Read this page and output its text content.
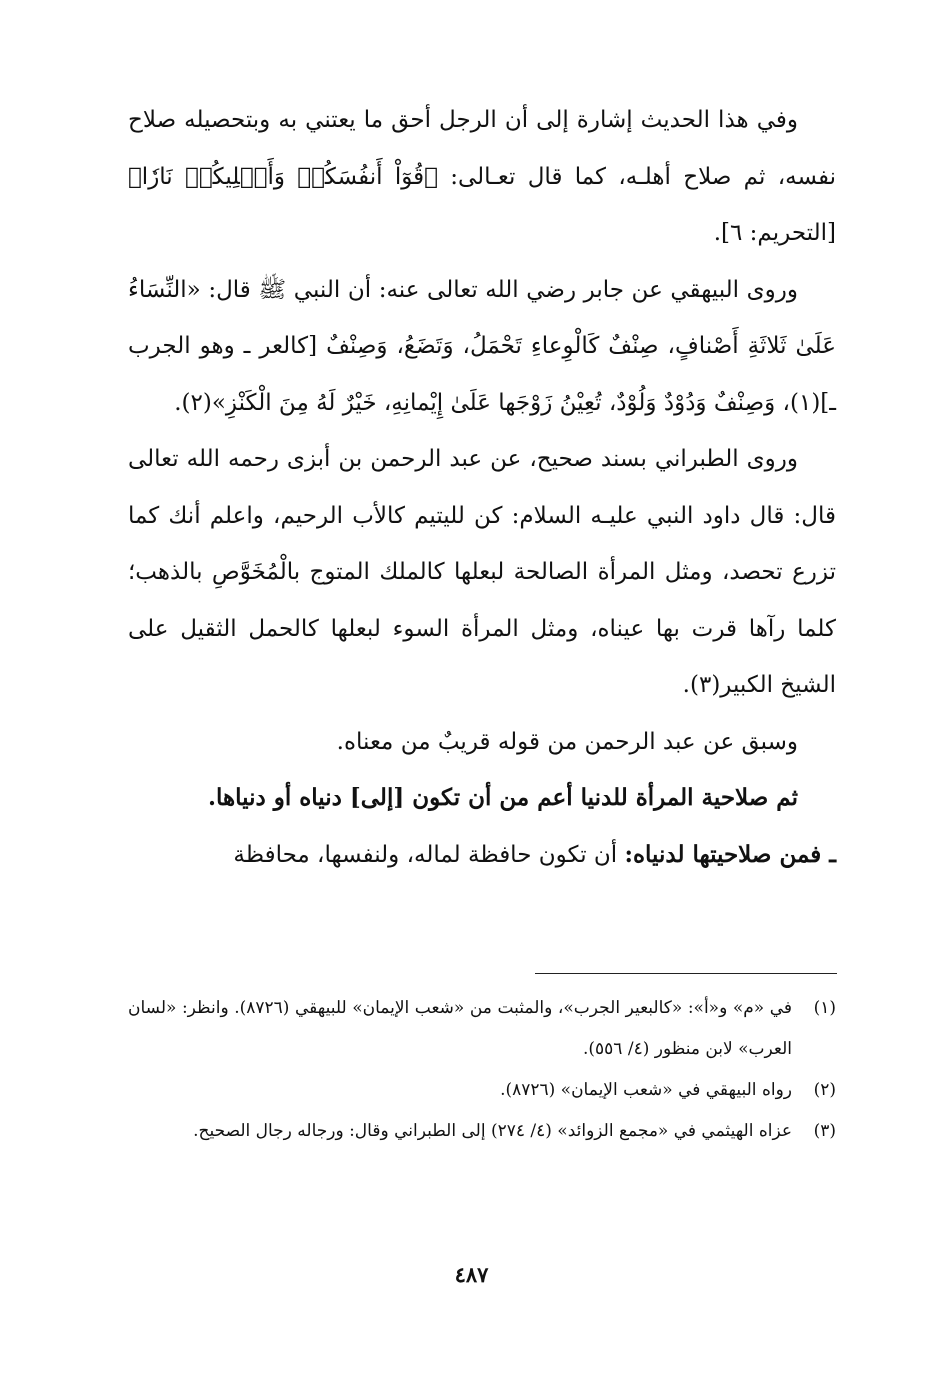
وفي هذا الحديث إشارة إلى أن الرجل أحق ما يعتني به وبتحصيله صلاح نفسه، ثم صلاح أهلـه، كما قال تعـالى: ﴿قُوٓاْ أَنفُسَكُمۡ وَأَهۡلِيكُمۡ نَارٗا﴾[التحريم: ٦].

وروى البيهقي عن جابر رضي الله تعالى عنه: أن النبي ﷺ قال: «النِّسَاءُ عَلَىٰ ثَلاثَةِ أَصْنافٍ، صِنْفٌ كَالْوِعاءِ تَحْمَلُ، وَتَضَعُ، وَصِنْفٌ [كالعر ـ وهو الجرب ـ](١)، وَصِنْفٌ وَدُوْدٌ وَلُوْدٌ، تُعِيْنُ زَوْجَها عَلَىٰ إِيْمانِهِ، خَيْرٌ لَهُ مِنَ الْكَنْزِ»(٢).

وروى الطبراني بسند صحيح، عن عبد الرحمن بن أبزى رحمه الله تعالى قال: قال داود النبي عليـه السلام: كن لليتيم كالأب الرحيم، واعلم أنك كما تزرع تحصد، ومثل المرأة الصالحة لبعلها كالملك المتوج بالْمُخَوَّصِ بالذهب؛ كلما رآها قرت بها عيناه، ومثل المرأة السوء لبعلها كالحمل الثقيل على الشيخ الكبير(٣).

وسبق عن عبد الرحمن من قوله قريبٌ من معناه.

ثم صلاحية المرأة للدنيا أعم من أن تكون [إلى] دنياه أو دنياها.

ـ فمن صلاحيتها لدنياه: أن تكون حافظة لماله، ولنفسها، محافظة

(١)
في «م» و«أ»: «كالبعير الجرب»، والمثبت من «شعب الإيمان» للبيهقي (٨٧٢٦). وانظر: «لسان العرب» لابن منظور (٤/ ٥٥٦).
(٢)
رواه البيهقي في «شعب الإيمان» (٨٧٢٦).
(٣)
عزاه الهيثمي في «مجمع الزوائد» (٤/ ٢٧٤) إلى الطبراني وقال: ورجاله رجال الصحيح.
٤٨٧
